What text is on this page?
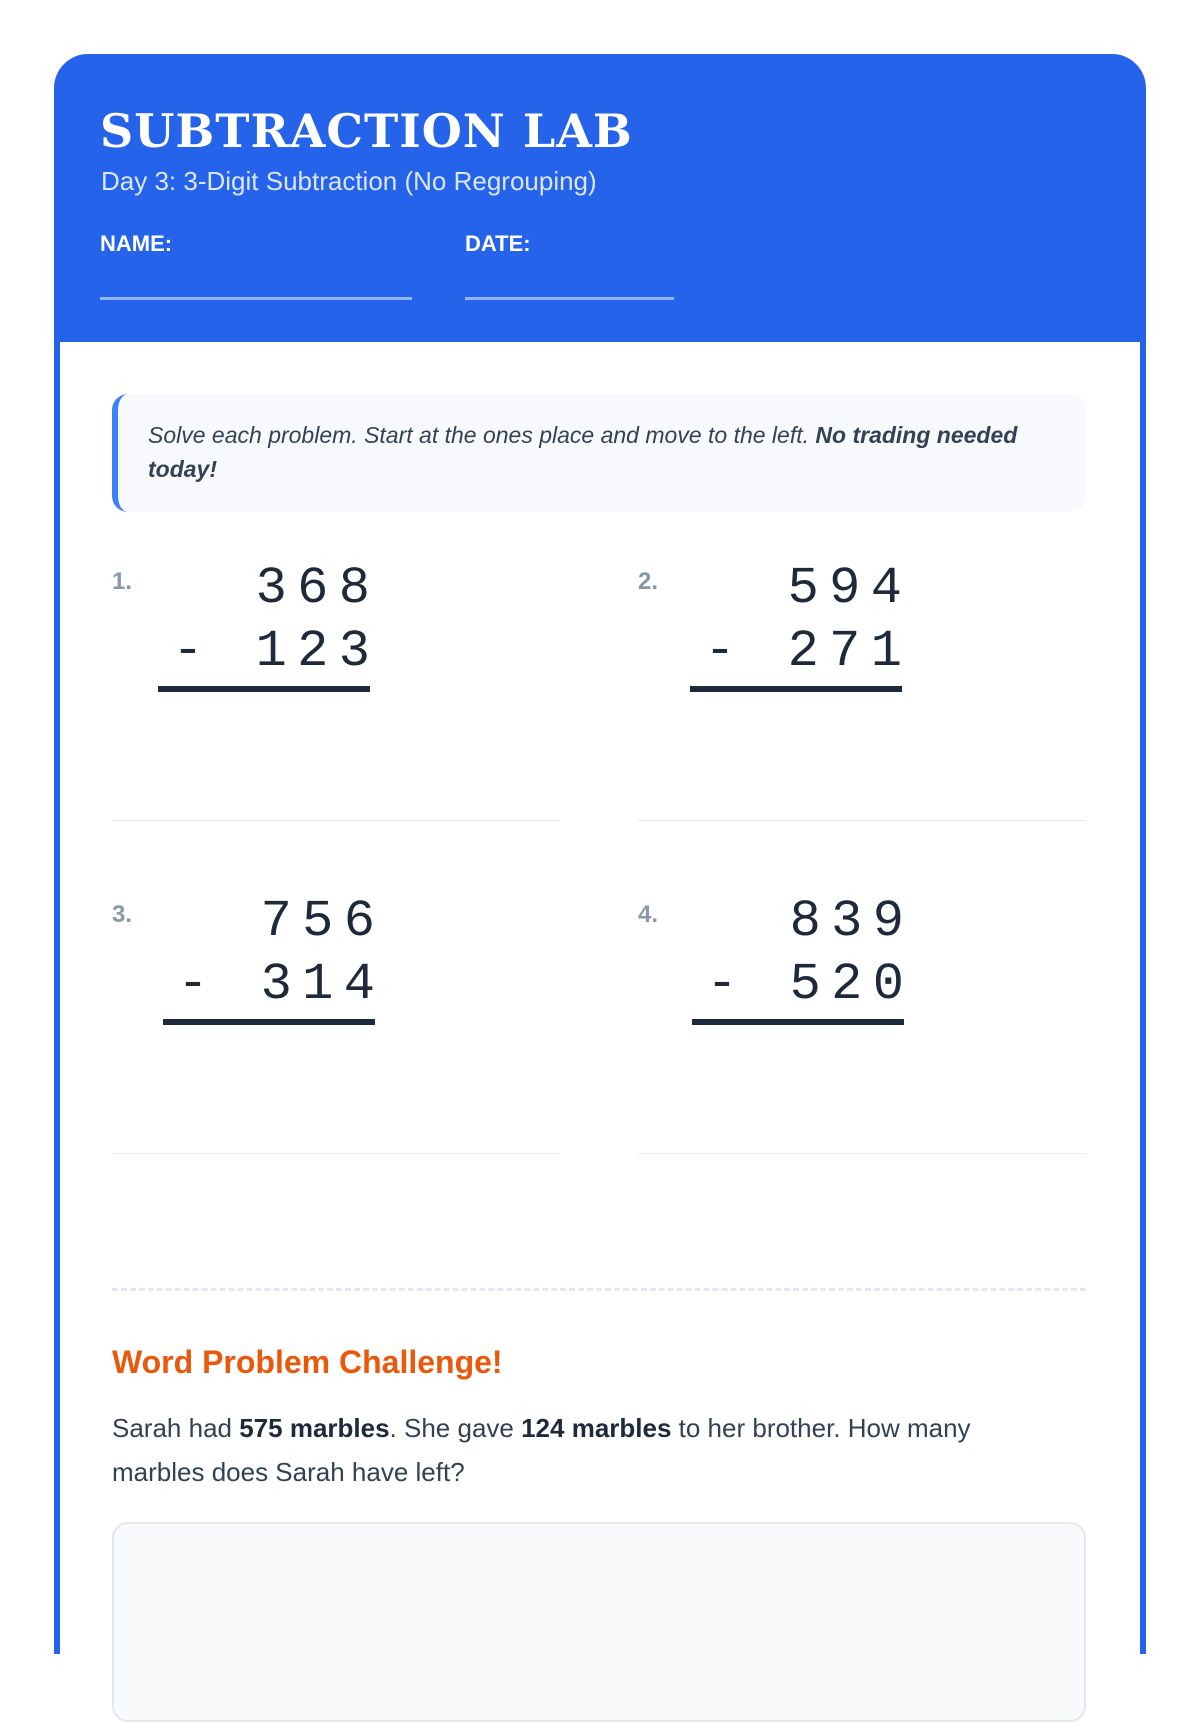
SUBTRACTION LAB
Day 3: 3-Digit Subtraction (No Regrouping)
NAME:	DATE:
Solve each problem. Start at the ones place and move to the left. No trading needed today!
1.	368
- 123
2.	594
- 271
3.	756
- 314
4.	839
- 520
Word Problem Challenge!
Sarah had 575 marbles. She gave 124 marbles to her brother. How many marbles does Sarah have left?
